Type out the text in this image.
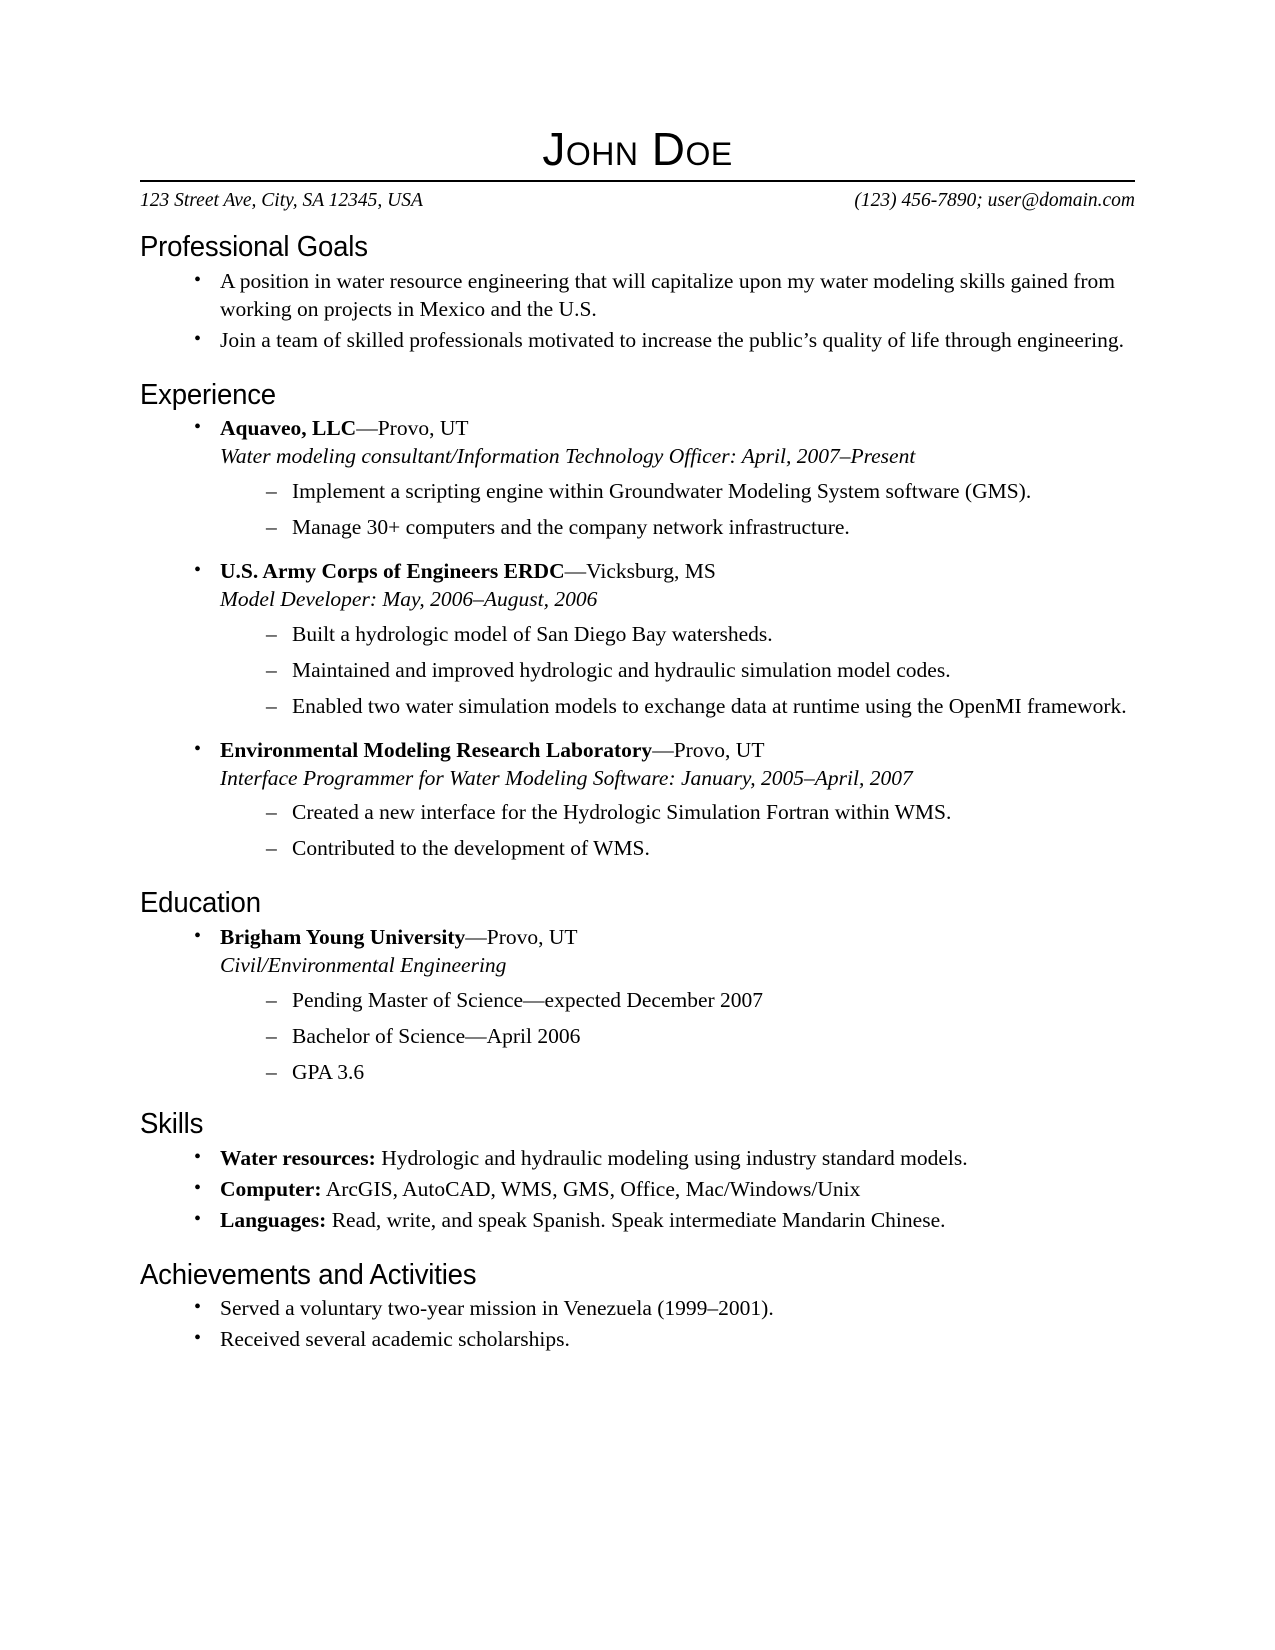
John Doe
123 Street Ave, City, SA 12345, USA	(123) 456-7890; user@domain.com
Professional Goals
• A position in water resource engineering that will capitalize upon my water modeling skills gained from working on projects in Mexico and the U.S.
• Join a team of skilled professionals motivated to increase the public’s quality of life through engineering.
Experience
• Aquaveo, LLC—Provo, UT
Water modeling consultant/Information Technology Officer: April, 2007–Present
– Implement a scripting engine within Groundwater Modeling System software (GMS).
– Manage 30+ computers and the company network infrastructure.
• U.S. Army Corps of Engineers ERDC—Vicksburg, MS
Model Developer: May, 2006–August, 2006
– Built a hydrologic model of San Diego Bay watersheds.
– Maintained and improved hydrologic and hydraulic simulation model codes.
– Enabled two water simulation models to exchange data at runtime using the OpenMI framework.
• Environmental Modeling Research Laboratory—Provo, UT
Interface Programmer for Water Modeling Software: January, 2005–April, 2007
– Created a new interface for the Hydrologic Simulation Fortran within WMS.
– Contributed to the development of WMS.
Education
• Brigham Young University—Provo, UT
Civil/Environmental Engineering
– Pending Master of Science—expected December 2007
– Bachelor of Science—April 2006
– GPA 3.6
Skills
• Water resources: Hydrologic and hydraulic modeling using industry standard models.
• Computer: ArcGIS, AutoCAD, WMS, GMS, Office, Mac/Windows/Unix
• Languages: Read, write, and speak Spanish. Speak intermediate Mandarin Chinese.
Achievements and Activities
• Served a voluntary two-year mission in Venezuela (1999–2001).
• Received several academic scholarships.
